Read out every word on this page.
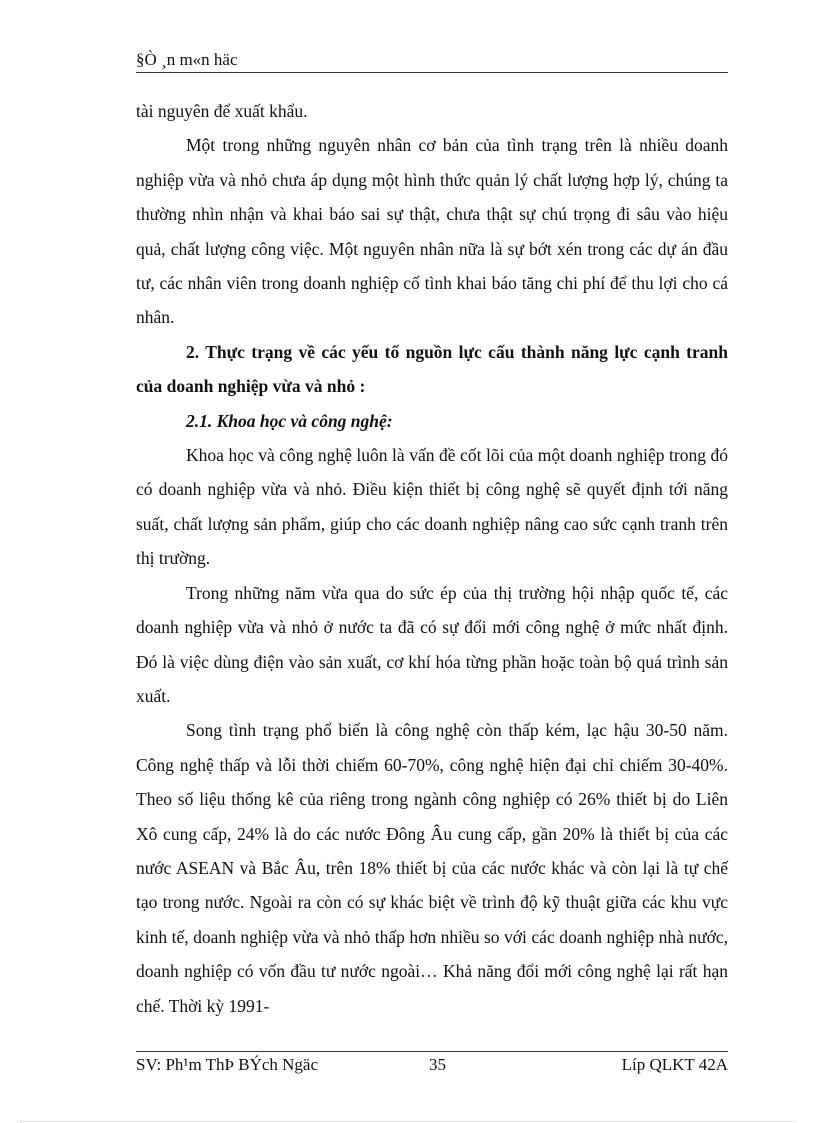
§Ò ¸n m«n häc

tài nguyên để xuất khẩu.

Một trong những nguyên nhân cơ bản của tình trạng trên là nhiều doanh nghiệp vừa và nhỏ chưa áp dụng một hình thức quản lý chất lượng hợp lý, chúng ta thường nhìn nhận và khai báo sai sự thật, chưa thật sự chú trọng đi sâu vào hiệu quả, chất lượng công việc. Một nguyên nhân nữa là sự bớt xén trong các dự án đầu tư, các nhân viên trong doanh nghiệp cố tình khai báo tăng chi phí để thu lợi cho cá nhân.

2. Thực trạng về các yếu tố nguồn lực cấu thành năng lực cạnh tranh của doanh nghiệp vừa và nhỏ :

2.1. Khoa học và công nghệ:

Khoa học và công nghệ luôn là vấn đề cốt lõi của một doanh nghiệp trong đó có doanh nghiệp vừa và nhỏ. Điều kiện thiết bị công nghệ sẽ quyết định tới năng suất, chất lượng sản phẩm, giúp cho các doanh nghiệp nâng cao sức cạnh tranh trên thị trường.

Trong những năm vừa qua do sức ép của thị trường hội nhập quốc tế, các doanh nghiệp vừa và nhỏ ở nước ta đã có sự đổi mới công nghệ ở mức nhất định. Đó là việc dùng điện vào sản xuất, cơ khí hóa từng phần hoặc toàn bộ quá trình sản xuất.

Song tình trạng phổ biến là công nghệ còn thấp kém, lạc hậu 30-50 năm. Công nghệ thấp và lỗi thời chiếm 60-70%, công nghệ hiện đại chỉ chiếm 30-40%. Theo số liệu thống kê của riêng trong ngành công nghiệp có 26% thiết bị do Liên Xô cung cấp, 24% là do các nước Đông Âu cung cấp, gần 20% là thiết bị của các nước ASEAN và Bắc Âu, trên 18% thiết bị của các nước khác và còn lại là tự chế tạo trong nước. Ngoài ra còn có sự khác biệt về trình độ kỹ thuật giữa các khu vực kinh tế, doanh nghiệp vừa và nhỏ thấp hơn nhiều so với các doanh nghiệp nhà nước, doanh nghiệp có vốn đầu tư nước ngoài… Khả năng đổi mới công nghệ lại rất hạn chế. Thời kỳ 1991-

SV: Ph¹m ThÞ BÝch Ngäc	35	Líp QLKT 42A
